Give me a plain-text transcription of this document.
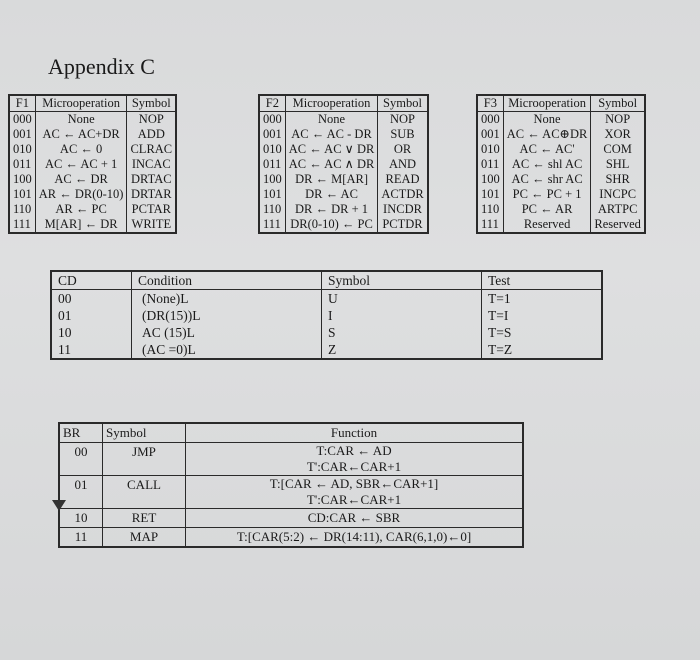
Appendix C
F1	Microoperation	Symbol
000	None	NOP
001	AC ← AC+DR	ADD
010	AC ← 0	CLRAC
011	AC ← AC + 1	INCAC
100	AC ← DR	DRTAC
101	AR ← DR(0-10)	DRTAR
110	AR ← PC	PCTAR
111	M[AR] ← DR	WRITE
F2	Microoperation	Symbol
000	None	NOP
001	AC ← AC - DR	SUB
010	AC ← AC ∨ DR	OR
011	AC ← AC ∧ DR	AND
100	DR ← M[AR]	READ
101	DR ← AC	ACTDR
110	DR ← DR + 1	INCDR
111	DR(0-10) ← PC	PCTDR
F3	Microoperation	Symbol
000	None	NOP
001	AC ← AC⊕DR	XOR
010	AC ← AC'	COM
011	AC ← shl AC	SHL
100	AC ← shr AC	SHR
101	PC ← PC + 1	INCPC
110	PC ← AR	ARTPC
111	Reserved	Reserved
CD	Condition	Symbol	Test
00	(None)L	U	T=1
01	(DR(15))L	I	T=I
10	AC (15)L	S	T=S
11	(AC =0)L	Z	T=Z
BR	Symbol	Function
00	JMP	T:CAR ← AD
T':CAR←CAR+1

01	CALL	T:[CAR ← AD, SBR←CAR+1]
T':CAR←CAR+1

10	RET	CD:CAR ← SBR

11	MAP	T:[CAR(5:2) ← DR(14:11), CAR(6,1,0)←0]
